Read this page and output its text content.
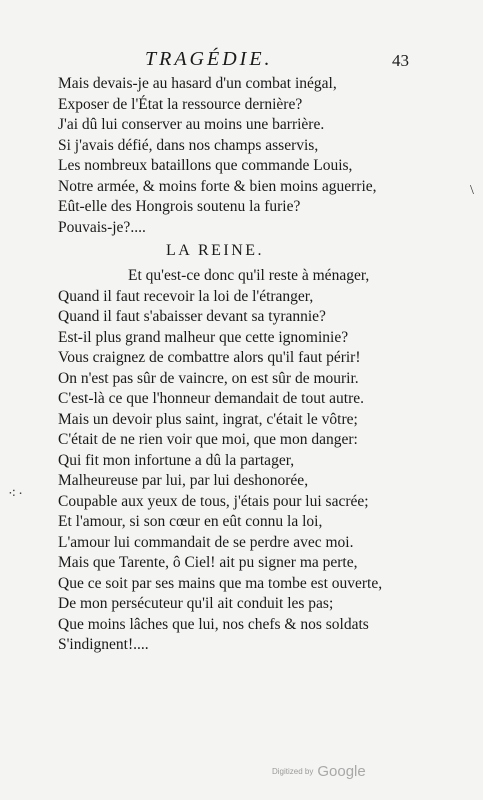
TRAGÉDIE.	43
Mais devais-je au hasard d'un combat inégal,
Exposer de l'État la ressource dernière?
J'ai dû lui conserver au moins une barrière.
Si j'avais défié, dans nos champs asservis,
Les nombreux bataillons que commande Louis,
Notre armée, & moins forte & bien moins aguerrie,
Eût-elle des Hongrois soutenu la furie?
Pouvais-je?....
LA REINE.
Et qu'est-ce donc qu'il reste à ménager,
Quand il faut recevoir la loi de l'étranger,
Quand il faut s'abaisser devant sa tyrannie?
Est-il plus grand malheur que cette ignominie?
Vous craignez de combattre alors qu'il faut périr!
On n'est pas sûr de vaincre, on est sûr de mourir.
C'est-là ce que l'honneur demandait de tout autre.
Mais un devoir plus saint, ingrat, c'était le vôtre;
C'était de ne rien voir que moi, que mon danger:
Qui fit mon infortune a dû la partager,
Malheureuse par lui, par lui deshonorée,
Coupable aux yeux de tous, j'étais pour lui sacrée;
Et l'amour, si son cœur en eût connu la loi,
L'amour lui commandait de se perdre avec moi.
Mais que Tarente, ô Ciel! ait pu signer ma perte,
Que ce soit par ses mains que ma tombe est ouverte,
De mon persécuteur qu'il ait conduit les pas;
Que moins lâches que lui, nos chefs & nos soldats
S'indignent!....
\
⁖·
Digitized by Google
